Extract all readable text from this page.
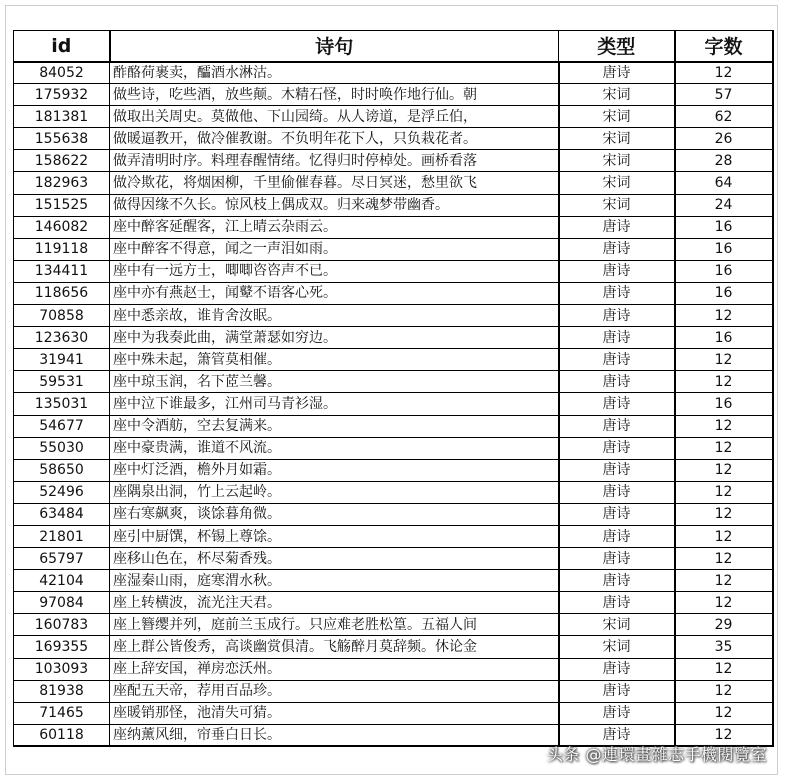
id	诗句	类型	字数
84052	酢酪荷裹卖，醽酒水淋沽。	唐诗	12
175932	做些诗，吃些酒，放些颠。木精石怪，时时唤作地行仙。朝	宋词	57
181381	做取出关周史。莫做他、下山园绮。从人谤道，是浮丘伯，	宋词	62
155638	做暖逼教开，做冷催教谢。不负明年花下人，只负栽花者。	宋词	26
158622	做弄清明时序。料理春醒情绪。忆得归时停棹处。画桥看落	宋词	28
182963	做冷欺花，将烟困柳，千里偷催春暮。尽日冥迷，愁里欲飞	宋词	64
151525	做得因缘不久长。惊风枝上偶成双。归来魂梦带幽香。	宋词	24
146082	座中醉客延醒客，江上晴云杂雨云。	唐诗	16
119118	座中醉客不得意，闻之一声泪如雨。	唐诗	16
134411	座中有一远方士，唧唧咨咨声不已。	唐诗	16
118656	座中亦有燕赵士，闻鼙不语客心死。	唐诗	16
70858	座中悉亲故，谁肯舍汝眠。	唐诗	12
123630	座中为我奏此曲，满堂萧瑟如穷边。	唐诗	16
31941	座中殊未起，箫管莫相催。	唐诗	12
59531	座中琼玉润，名下茝兰馨。	唐诗	12
135031	座中泣下谁最多，江州司马青衫湿。	唐诗	16
54677	座中令酒舫，空去复满来。	唐诗	12
55030	座中豪贵满，谁道不风流。	唐诗	12
58650	座中灯泛酒，檐外月如霜。	唐诗	12
52496	座隅泉出洞，竹上云起岭。	唐诗	12
63484	座右寒飙爽，谈馀暮角微。	唐诗	12
21801	座引中厨馔，杯锡上尊馀。	唐诗	12
65797	座移山色在，杯尽菊香残。	唐诗	12
42104	座湿秦山雨，庭寒渭水秋。	唐诗	12
97084	座上转横波，流光注天君。	唐诗	12
160783	座上簪缨并列，庭前兰玉成行。只应难老胜松篁。五福人间	宋词	29
169355	座上群公皆俊秀，高谈幽赏俱清。飞觞醉月莫辞频。休论金	宋词	35
103093	座上辞安国，禅房恋沃州。	唐诗	12
81938	座配五天帝，荐用百品珍。	唐诗	12
71465	座暖销那怪，池清失可猜。	唐诗	12
60118	座纳薰风细，帘垂白日长。	唐诗	12
头条 @連環畫雜志手機閱覽室
